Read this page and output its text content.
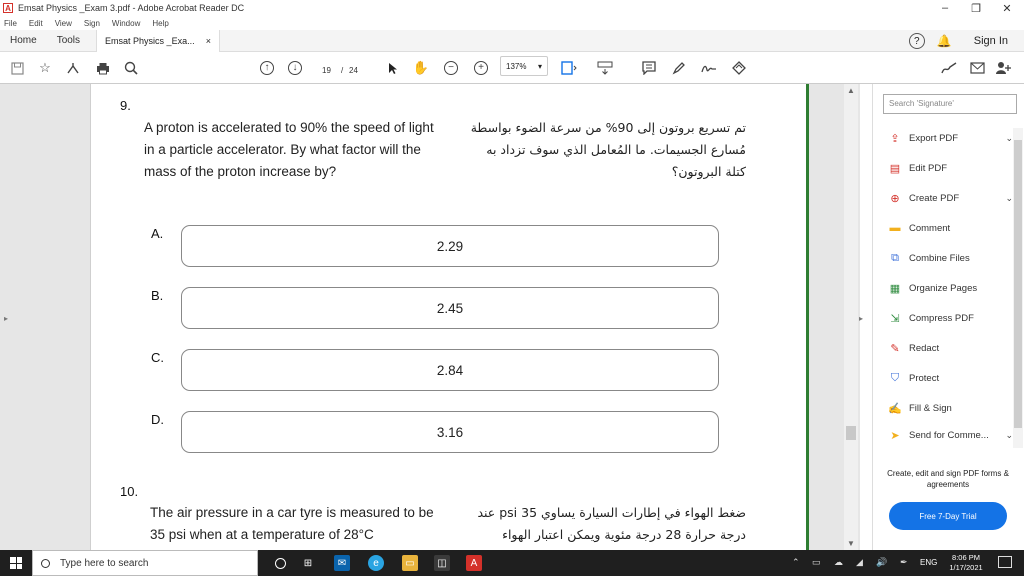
A Emsat Physics _Exam 3.pdf - Adobe Acrobat Reader DC	–	❐	✕
File Edit View Sign Window Help
Home	Tools	Emsat Physics _Exa... ×	?	🔔 Sign In
☆	↑	↓	19 / 24	✋	−	+	137% ▾
▸
9.
A proton is accelerated to 90% the speed of light in a particle accelerator. By what factor will the mass of the proton increase by?
تم تسريع بروتون إلى 90% من سرعة الضوء بواسطة مُسارع الجسيمات. ما المُعامل الذي سوف تزداد به كتلة البروتون؟
A.
2.29
B.
2.45
C.
2.84
D.
3.16
10.
The air pressure in a car tyre is measured to be 35 psi when at a temperature of 28°C
ضغط الهواء في إطارات السيارة يساوي 35 psi عند درجة حرارة 28 درجة مئوية ويمكن اعتبار الهواء
▲
▼
▸
Search 'Signature'
⇪ Export PDF	⌄
▤ Edit PDF
⊕ Create PDF	⌄
▬ Comment
⧉	Combine Files
▦ Organize Pages
⇲ Compress PDF
✎ Redact
⛉	Protect
✍ Fill & Sign
➤ Send for Comme... ⌄
Create, edit and sign PDF forms & agreements
Free 7-Day Trial
Type here to search	⊞	✉	e	▭	◫	A	⌃ ▭ ☁ ◢ 🔊 ✒ ENG
8:06 PM
1/17/2021
